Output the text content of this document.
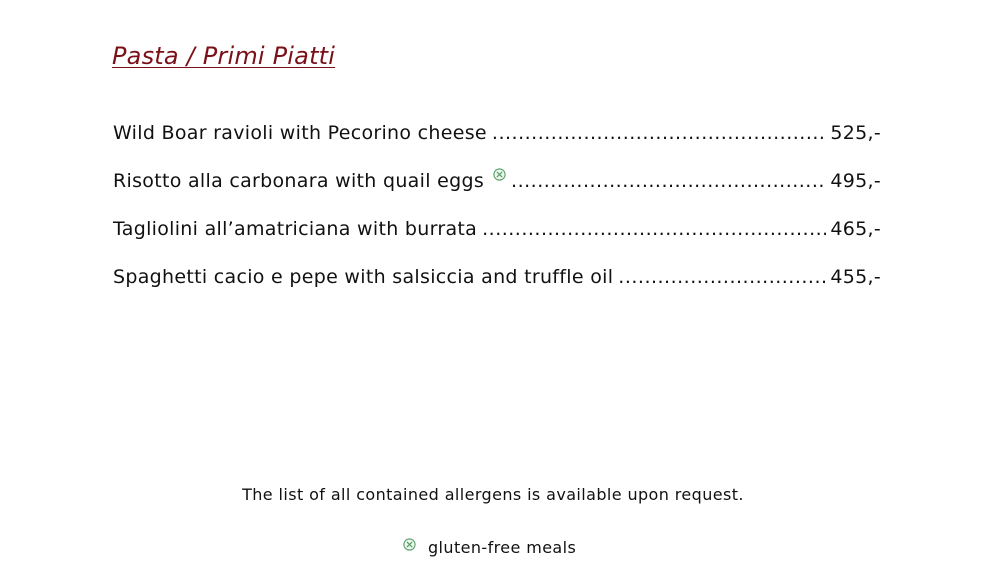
Pasta / Primi Piatti
Wild Boar ravioli with Pecorino cheese .....	525,-
Risotto alla carbonara with quail eggs .....	495,-
Tagliolini all’amatriciana with burrata .....	465,-
Spaghetti cacio e pepe with salsiccia and truffle oil .....	455,-
The list of all contained allergens is available upon request.
gluten-free meals
